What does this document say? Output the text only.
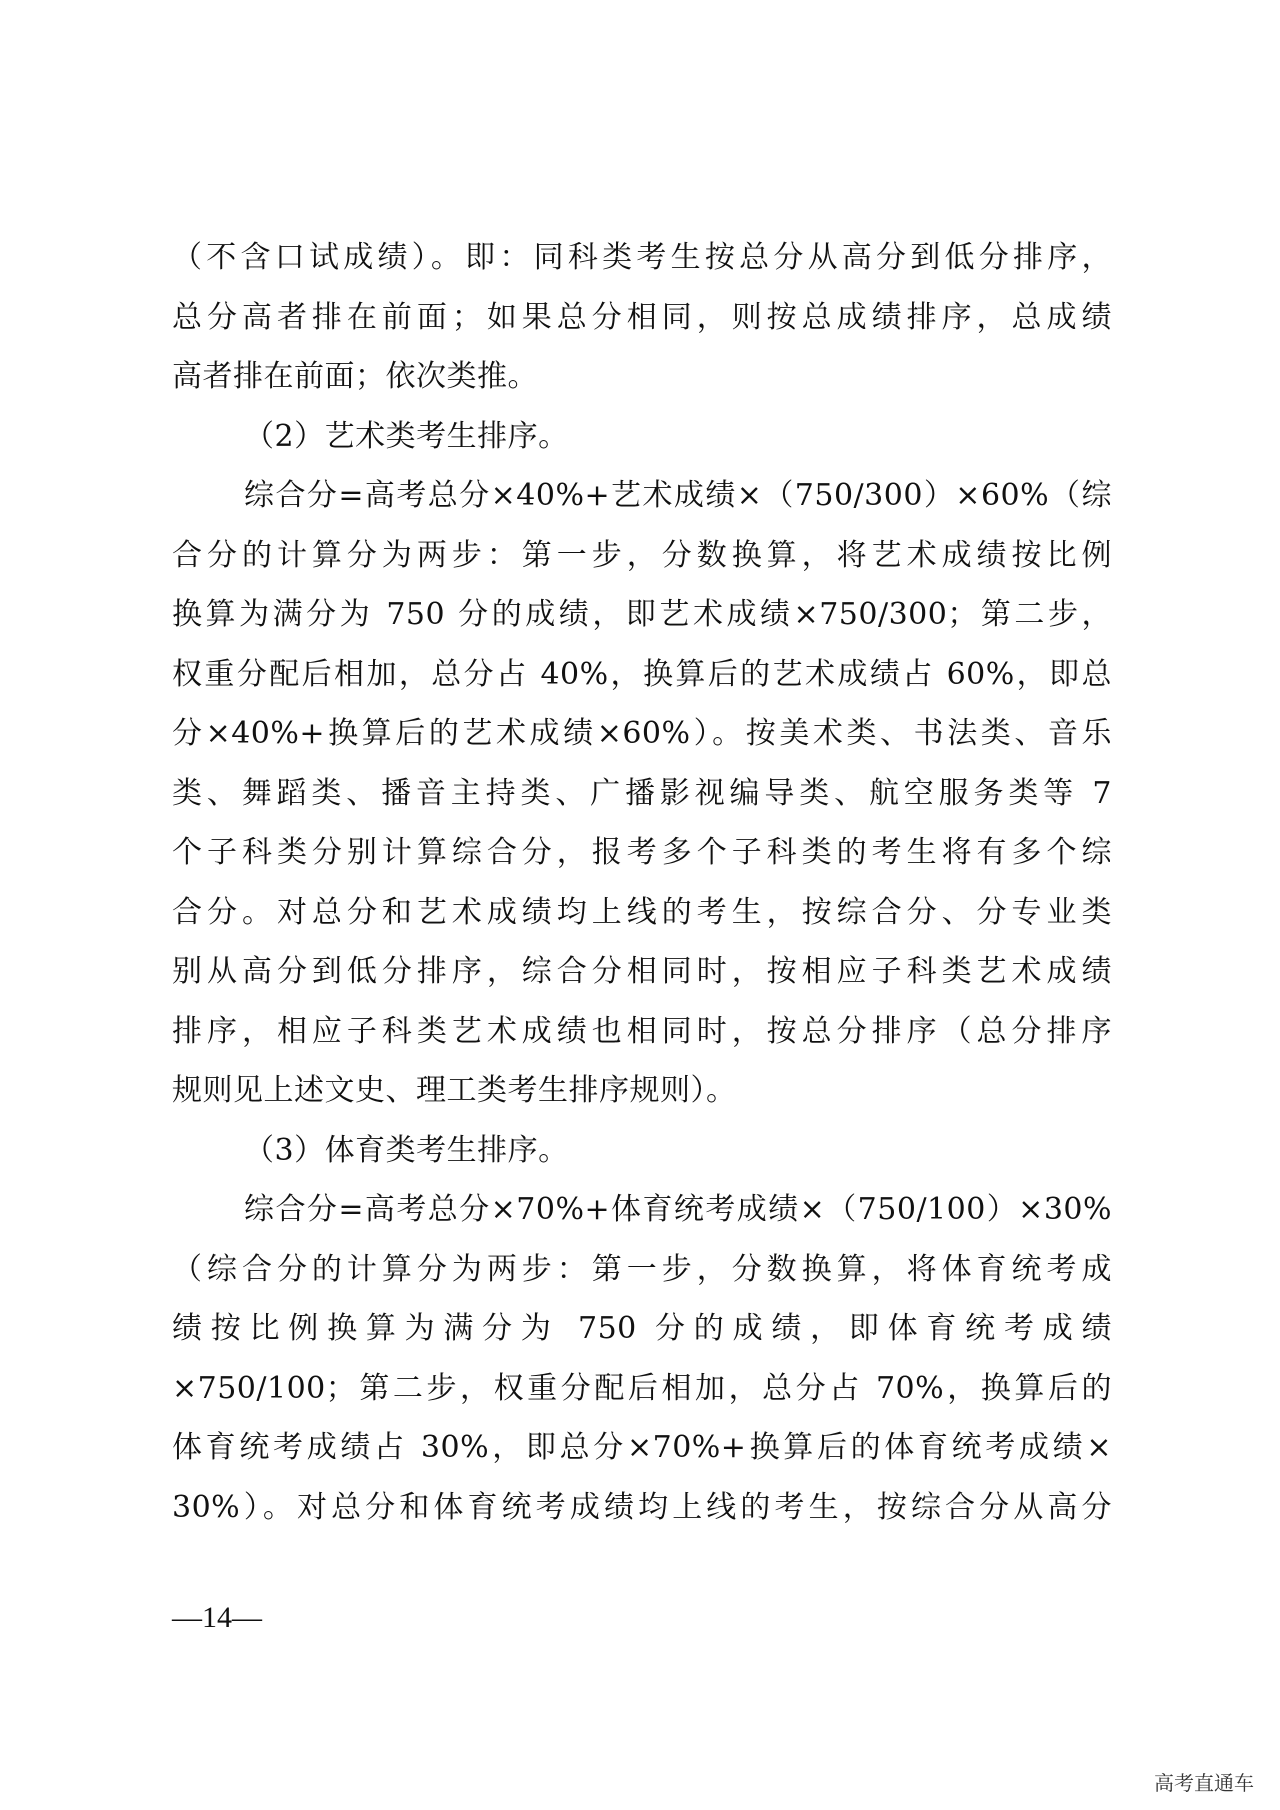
（不含口试成绩）。即：同科类考生按总分从高分到低分排序，
总分高者排在前面；如果总分相同，则按总成绩排序，总成绩
高者排在前面；依次类推。
（2）艺术类考生排序。
综合分=高考总分×40%+艺术成绩×（750/300）×60%（综
合分的计算分为两步：第一步，分数换算，将艺术成绩按比例
换算为满分为 750 分的成绩，即艺术成绩×750/300；第二步，
权重分配后相加，总分占 40%，换算后的艺术成绩占 60%，即总
分×40%+换算后的艺术成绩×60%）。按美术类、书法类、音乐
类、舞蹈类、播音主持类、广播影视编导类、航空服务类等 7
个子科类分别计算综合分，报考多个子科类的考生将有多个综
合分。对总分和艺术成绩均上线的考生，按综合分、分专业类
别从高分到低分排序，综合分相同时，按相应子科类艺术成绩
排序，相应子科类艺术成绩也相同时，按总分排序（总分排序
规则见上述文史、理工类考生排序规则）。
（3）体育类考生排序。
综合分=高考总分×70%+体育统考成绩×（750/100）×30%
（综合分的计算分为两步：第一步，分数换算，将体育统考成
绩按比例换算为满分为 750 分的成绩，即体育统考成绩
×750/100；第二步，权重分配后相加，总分占 70%，换算后的
体育统考成绩占 30%，即总分×70%+换算后的体育统考成绩×
30%）。对总分和体育统考成绩均上线的考生，按综合分从高分
—14—
高考直通车
